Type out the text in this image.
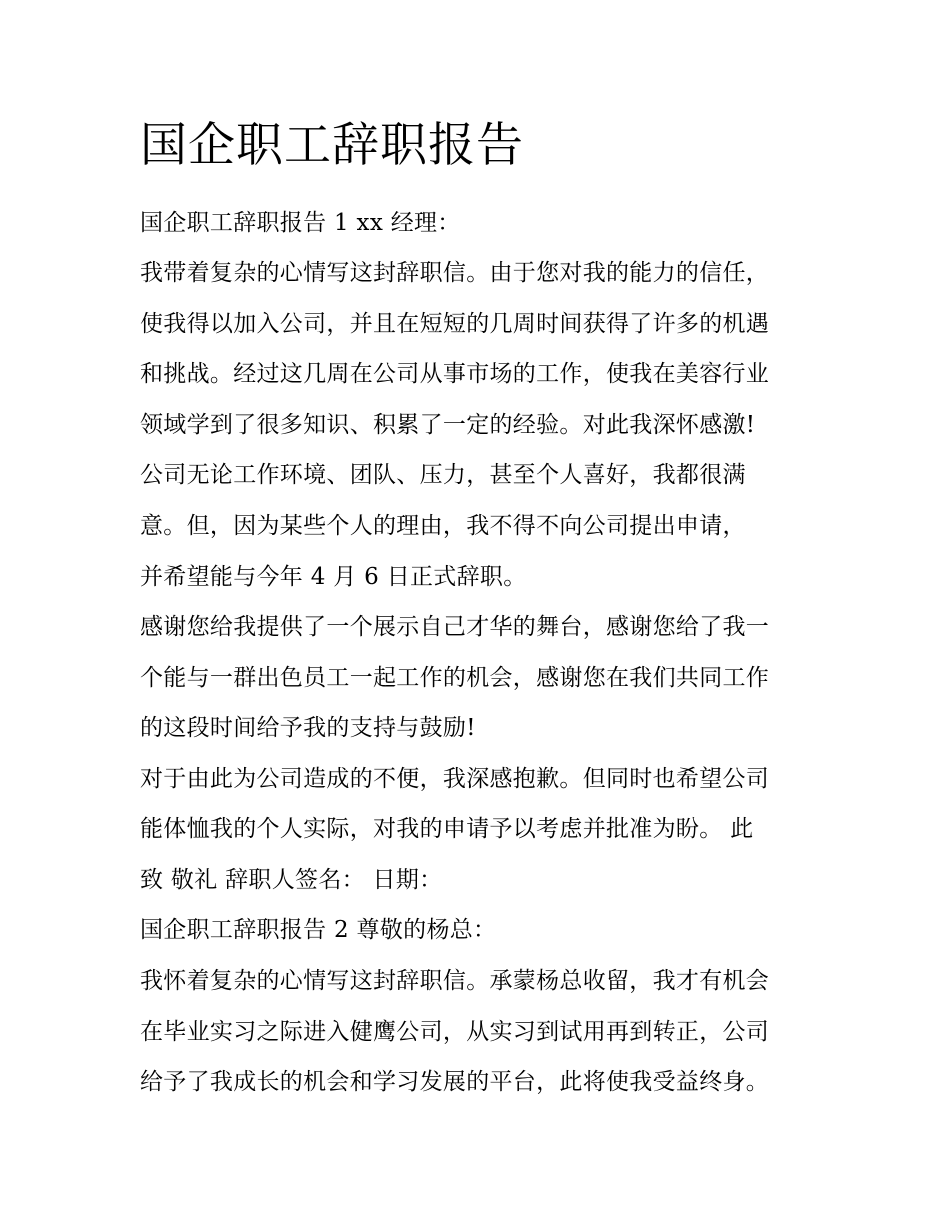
国企职工辞职报告
国企职工辞职报告 1 xx 经理：
我带着复杂的心情写这封辞职信。由于您对我的能力的信任，
使我得以加入公司，并且在短短的几周时间获得了许多的机遇
和挑战。经过这几周在公司从事市场的工作，使我在美容行业
领域学到了很多知识、积累了一定的经验。对此我深怀感激!
公司无论工作环境、团队、压力，甚至个人喜好，我都很满
意。但，因为某些个人的理由，我不得不向公司提出申请，
并希望能与今年 4 月 6 日正式辞职。
感谢您给我提供了一个展示自己才华的舞台，感谢您给了我一
个能与一群出色员工一起工作的机会，感谢您在我们共同工作
的这段时间给予我的支持与鼓励!
对于由此为公司造成的不便，我深感抱歉。但同时也希望公司
能体恤我的个人实际，对我的申请予以考虑并批准为盼。 此
致 敬礼 辞职人签名： 日期：
国企职工辞职报告 2 尊敬的杨总：
我怀着复杂的心情写这封辞职信。承蒙杨总收留，我才有机会
在毕业实习之际进入健鹰公司，从实习到试用再到转正，公司
给予了我成长的机会和学习发展的平台，此将使我受益终身。
